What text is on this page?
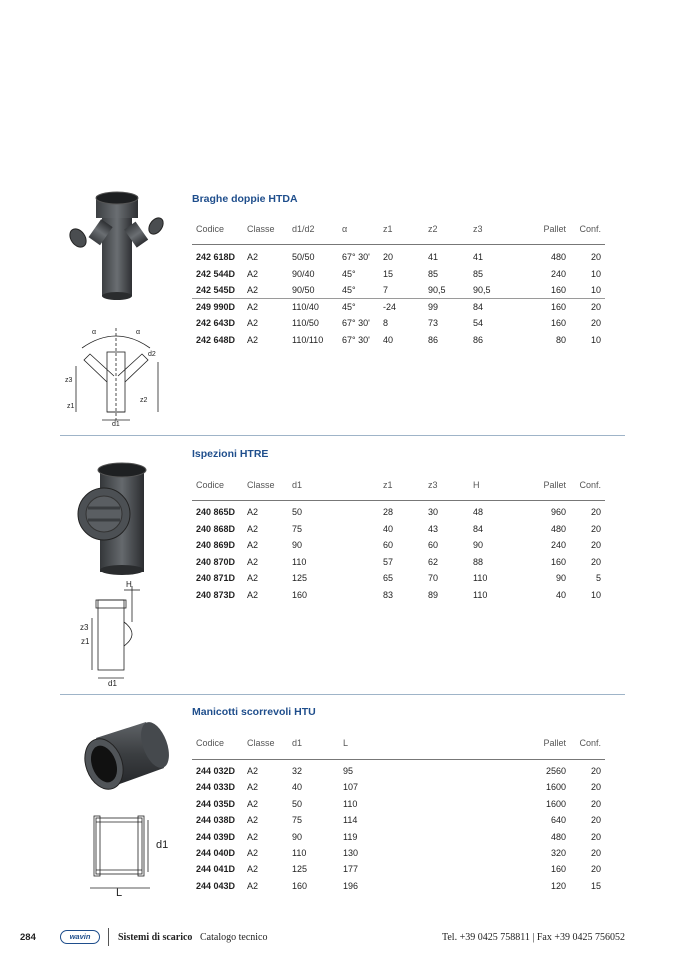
Braghe doppie HTDA
Codice	Classe	d1/d2	α	z1	z2	z3	Pallet	Conf.
242 618D	A2	50/50	67° 30'	20	41	41	480	20
242 544D	A2	90/40	45°	15	85	85	240	10
242 545D	A2	90/50	45°	7	90,5	90,5	160	10
249 990D	A2	110/40	45°	-24	99	84	160	20
242 643D	A2	110/50	67° 30'	8	73	54	160	20
242 648D	A2	110/110	67° 30'	40	86	86	80	10
α	α
d2
z3
z1
z2
d1
Ispezioni HTRE
Codice	Classe	d1	z1	z3	H	Pallet	Conf.
240 865D	A2	50	28	30	48	960	20
240 868D	A2	75	40	43	84	480	20
240 869D	A2	90	60	60	90	240	20
240 870D	A2	110	57	62	88	160	20
240 871D	A2	125	65	70	110	90	5
240 873D	A2	160	83	89	110	40	10
H
z3
z1
d1
Manicotti scorrevoli HTU
Codice	Classe	d1	L	Pallet	Conf.
244 032D	A2	32	95	2560	20
244 033D	A2	40	107	1600	20
244 035D	A2	50	110	1600	20
244 038D	A2	75	114	640	20
244 039D	A2	90	119	480	20
244 040D	A2	110	130	320	20
244 041D	A2	125	177	160	20
244 043D	A2	160	196	120	15
d1
L
284	wavin	Sistemi di scarico Catalogo tecnico	Tel. +39 0425 758811 | Fax +39 0425 756052
